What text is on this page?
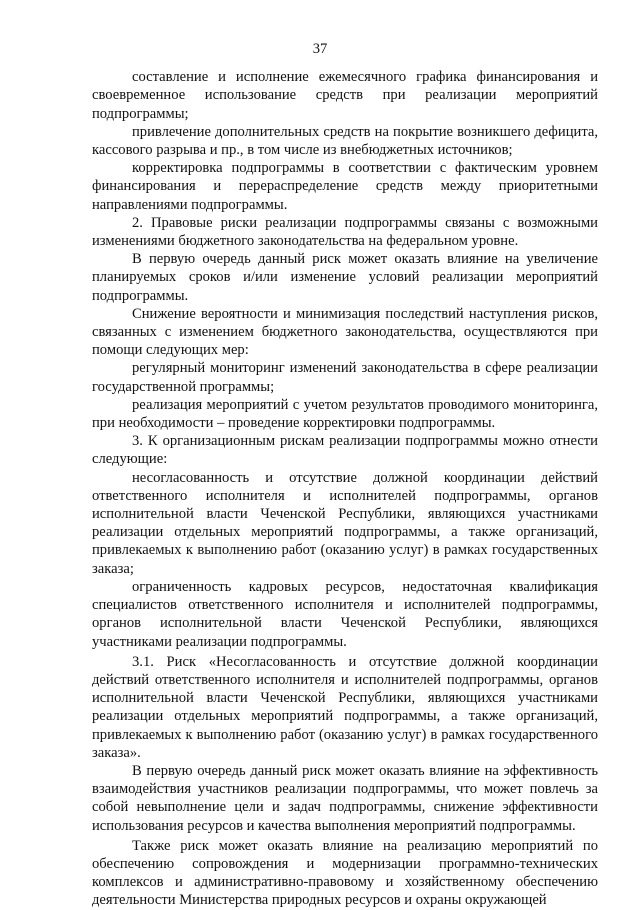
37

составление и исполнение ежемесячного графика финансирования и своевременное использование средств при реализации мероприятий подпрограммы;

привлечение дополнительных средств на покрытие возникшего дефицита, кассового разрыва и пр., в том числе из внебюджетных источников;

корректировка подпрограммы в соответствии с фактическим уровнем финансирования и перераспределение средств между приоритетными направлениями подпрограммы.

2. Правовые риски реализации подпрограммы связаны с возможными изменениями бюджетного законодательства на федеральном уровне.

В первую очередь данный риск может оказать влияние на увеличение планируемых сроков и/или изменение условий реализации мероприятий подпрограммы.

Снижение вероятности и минимизация последствий наступления рисков, связанных с изменением бюджетного законодательства, осуществляются при помощи следующих мер:

регулярный мониторинг изменений законодательства в сфере реализации государственной программы;

реализация мероприятий с учетом результатов проводимого мониторинга, при необходимости – проведение корректировки подпрограммы.

3. К организационным рискам реализации подпрограммы можно отнести следующие:

несогласованность и отсутствие должной координации действий ответственного исполнителя и исполнителей подпрограммы, органов исполнительной власти Чеченской Республики, являющихся участниками реализации отдельных мероприятий подпрограммы, а также организаций, привлекаемых к выполнению работ (оказанию услуг) в рамках государственных заказа;

ограниченность кадровых ресурсов, недостаточная квалификация специалистов ответственного исполнителя и исполнителей подпрограммы, органов исполнительной власти Чеченской Республики, являющихся участниками реализации подпрограммы.

3.1. Риск «Несогласованность и отсутствие должной координации действий ответственного исполнителя и исполнителей подпрограммы, органов исполнительной власти Чеченской Республики, являющихся участниками реализации отдельных мероприятий подпрограммы, а также организаций, привлекаемых к выполнению работ (оказанию услуг) в рамках государственного заказа».

В первую очередь данный риск может оказать влияние на эффективность взаимодействия участников реализации подпрограммы, что может повлечь за собой невыполнение цели и задач подпрограммы, снижение эффективности использования ресурсов и качества выполнения мероприятий подпрограммы.

Также риск может оказать влияние на реализацию мероприятий по обеспечению сопровождения и модернизации программно-технических комплексов и административно-правовому и хозяйственному обеспечению деятельности Министерства природных ресурсов и охраны окружающей
